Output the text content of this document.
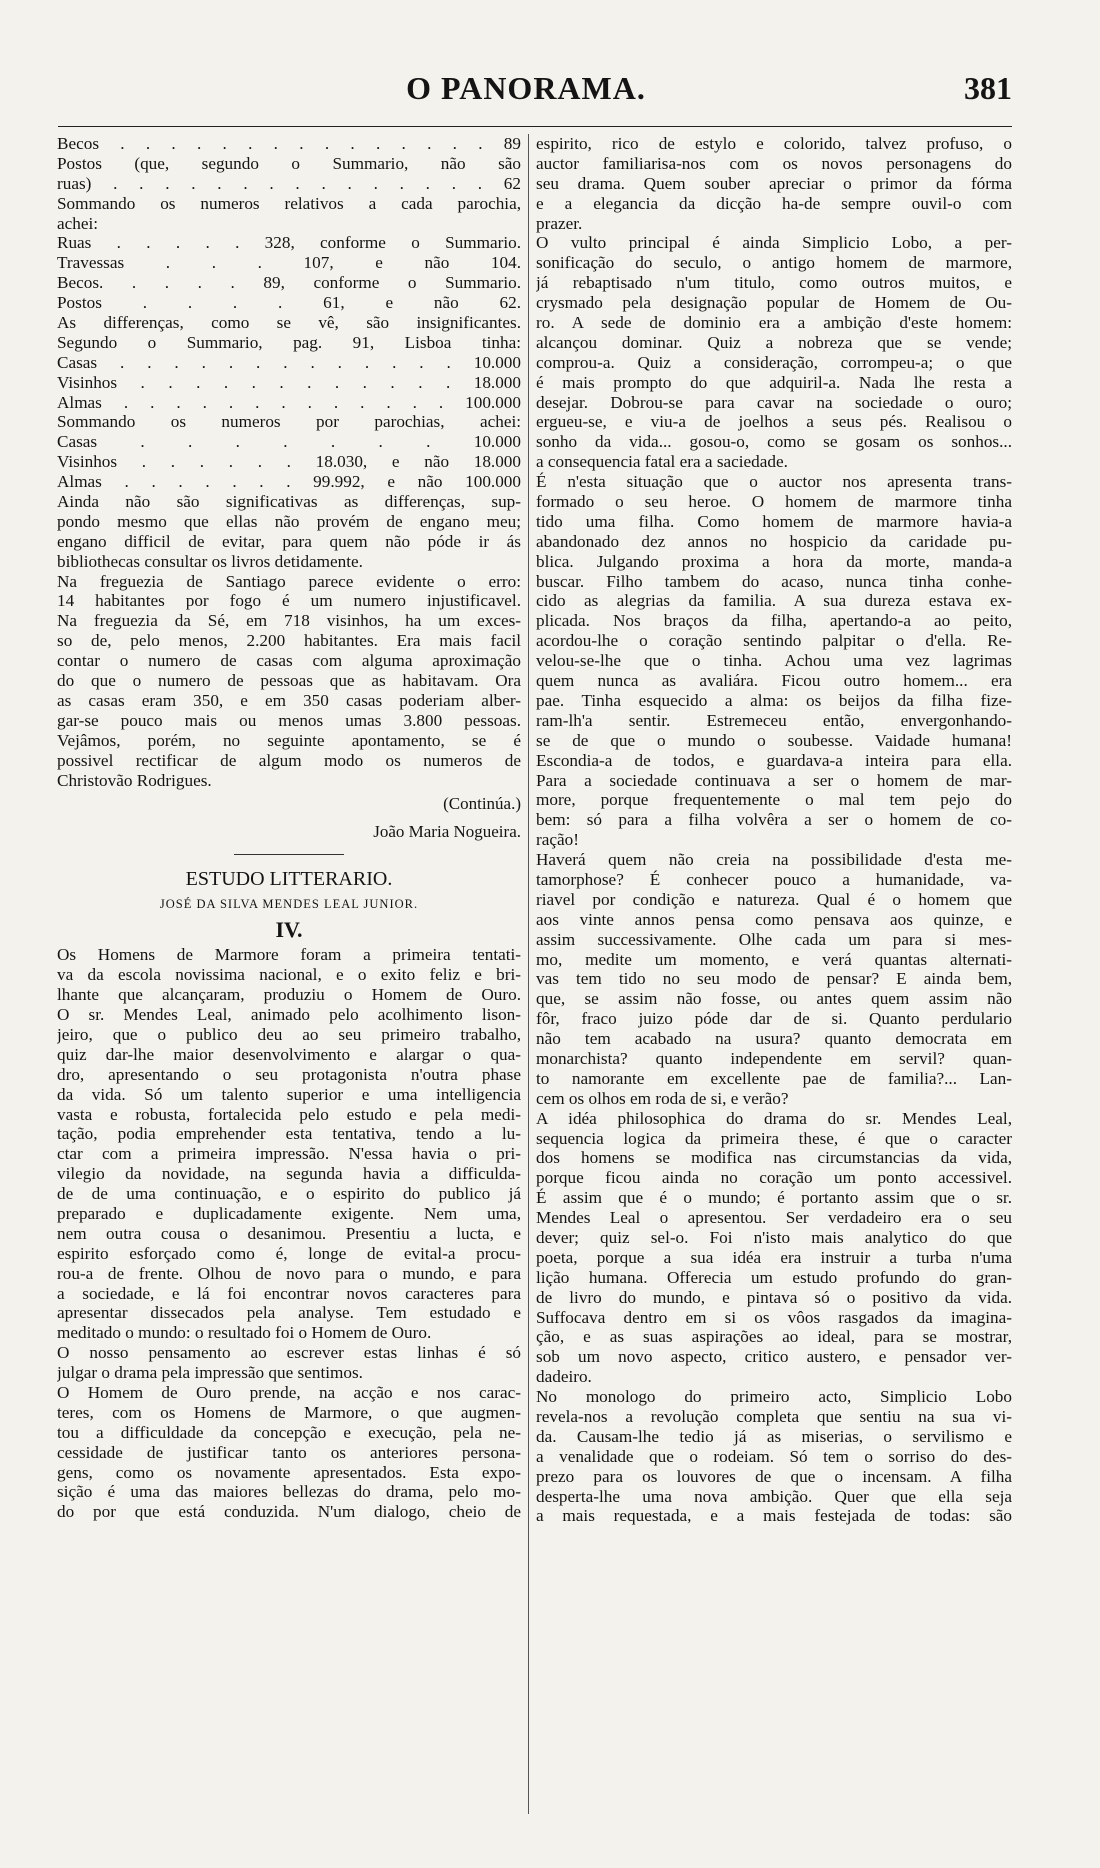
O PANORAMA.	381
Becos . . . . . . . . . . . . . . . 89
Postos (que, segundo o Summario, não são
ruas) . . . . . . . . . . . . . . . 62
Sommando os numeros relativos a cada parochia,
achei:
Ruas . . . . . 328, conforme o Summario.
Travessas . . . 107, e não 104.
Becos. . . . . 89, conforme o Summario.
Postos . . . . 61, e não 62.
As differenças, como se vê, são insignificantes.
Segundo o Summario, pag. 91, Lisboa tinha:
Casas . . . . . . . . . . . . . 10.000
Visinhos . . . . . . . . . . . . 18.000
Almas . . . . . . . . . . . . . 100.000
Sommando os numeros por parochias, achei:
Casas . . . . . . . 10.000
Visinhos . . . . . . 18.030, e não 18.000
Almas . . . . . . . 99.992, e não 100.000
Ainda não são significativas as differenças, sup-
pondo mesmo que ellas não provém de engano meu;
engano difficil de evitar, para quem não póde ir ás
bibliothecas consultar os livros detidamente.
Na freguezia de Santiago parece evidente o erro:
14 habitantes por fogo é um numero injustificavel.
Na freguezia da Sé, em 718 visinhos, ha um exces-
so de, pelo menos, 2.200 habitantes. Era mais facil
contar o numero de casas com alguma aproximação
do que o numero de pessoas que as habitavam. Ora
as casas eram 350, e em 350 casas poderiam alber-
gar-se pouco mais ou menos umas 3.800 pessoas.
Vejâmos, porém, no seguinte apontamento, se é
possivel rectificar de algum modo os numeros de
Christovão Rodrigues.
(Continúa.)
João Maria Nogueira.
ESTUDO LITTERARIO.
JOSÉ DA SILVA MENDES LEAL JUNIOR.
IV.
Os Homens de Marmore foram a primeira tentati-
va da escola novissima nacional, e o exito feliz e bri-
lhante que alcançaram, produziu o Homem de Ouro.
O sr. Mendes Leal, animado pelo acolhimento lison-
jeiro, que o publico deu ao seu primeiro trabalho,
quiz dar-lhe maior desenvolvimento e alargar o qua-
dro, apresentando o seu protagonista n'outra phase
da vida. Só um talento superior e uma intelligencia
vasta e robusta, fortalecida pelo estudo e pela medi-
tação, podia emprehender esta tentativa, tendo a lu-
ctar com a primeira impressão. N'essa havia o pri-
vilegio da novidade, na segunda havia a difficulda-
de de uma continuação, e o espirito do publico já
preparado e duplicadamente exigente. Nem uma,
nem outra cousa o desanimou. Presentiu a lucta, e
espirito esforçado como é, longe de evital-a procu-
rou-a de frente. Olhou de novo para o mundo, e para
a sociedade, e lá foi encontrar novos caracteres para
apresentar dissecados pela analyse. Tem estudado e
meditado o mundo: o resultado foi o Homem de Ouro.
O nosso pensamento ao escrever estas linhas é só
julgar o drama pela impressão que sentimos.
O Homem de Ouro prende, na acção e nos carac-
teres, com os Homens de Marmore, o que augmen-
tou a difficuldade da concepção e execução, pela ne-
cessidade de justificar tanto os anteriores persona-
gens, como os novamente apresentados. Esta expo-
sição é uma das maiores bellezas do drama, pelo mo-
do por que está conduzida. N'um dialogo, cheio de
espirito, rico de estylo e colorido, talvez profuso, o
auctor familiarisa-nos com os novos personagens do
seu drama. Quem souber apreciar o primor da fórma
e a elegancia da dicção ha-de sempre ouvil-o com
prazer.
O vulto principal é ainda Simplicio Lobo, a per-
sonificação do seculo, o antigo homem de marmore,
já rebaptisado n'um titulo, como outros muitos, e
crysmado pela designação popular de Homem de Ou-
ro. A sede de dominio era a ambição d'este homem:
alcançou dominar. Quiz a nobreza que se vende;
comprou-a. Quiz a consideração, corrompeu-a; o que
é mais prompto do que adquiril-a. Nada lhe resta a
desejar. Dobrou-se para cavar na sociedade o ouro;
ergueu-se, e viu-a de joelhos a seus pés. Realisou o
sonho da vida... gosou-o, como se gosam os sonhos...
a consequencia fatal era a saciedade.
É n'esta situação que o auctor nos apresenta trans-
formado o seu heroe. O homem de marmore tinha
tido uma filha. Como homem de marmore havia-a
abandonado dez annos no hospicio da caridade pu-
blica. Julgando proxima a hora da morte, manda-a
buscar. Filho tambem do acaso, nunca tinha conhe-
cido as alegrias da familia. A sua dureza estava ex-
plicada. Nos braços da filha, apertando-a ao peito,
acordou-lhe o coração sentindo palpitar o d'ella. Re-
velou-se-lhe que o tinha. Achou uma vez lagrimas
quem nunca as avaliára. Ficou outro homem... era
pae. Tinha esquecido a alma: os beijos da filha fize-
ram-lh'a sentir. Estremeceu então, envergonhando-
se de que o mundo o soubesse. Vaidade humana!
Escondia-a de todos, e guardava-a inteira para ella.
Para a sociedade continuava a ser o homem de mar-
more, porque frequentemente o mal tem pejo do
bem: só para a filha volvêra a ser o homem de co-
ração!
Haverá quem não creia na possibilidade d'esta me-
tamorphose? É conhecer pouco a humanidade, va-
riavel por condição e natureza. Qual é o homem que
aos vinte annos pensa como pensava aos quinze, e
assim successivamente. Olhe cada um para si mes-
mo, medite um momento, e verá quantas alternati-
vas tem tido no seu modo de pensar? E ainda bem,
que, se assim não fosse, ou antes quem assim não
fôr, fraco juizo póde dar de si. Quanto perdulario
não tem acabado na usura? quanto democrata em
monarchista? quanto independente em servil? quan-
to namorante em excellente pae de familia?... Lan-
cem os olhos em roda de si, e verão?
A idéa philosophica do drama do sr. Mendes Leal,
sequencia logica da primeira these, é que o caracter
dos homens se modifica nas circumstancias da vida,
porque ficou ainda no coração um ponto accessivel.
É assim que é o mundo; é portanto assim que o sr.
Mendes Leal o apresentou. Ser verdadeiro era o seu
dever; quiz sel-o. Foi n'isto mais analytico do que
poeta, porque a sua idéa era instruir a turba n'uma
lição humana. Offerecia um estudo profundo do gran-
de livro do mundo, e pintava só o positivo da vida.
Suffocava dentro em si os vôos rasgados da imagina-
ção, e as suas aspirações ao ideal, para se mostrar,
sob um novo aspecto, critico austero, e pensador ver-
dadeiro.
No monologo do primeiro acto, Simplicio Lobo
revela-nos a revolução completa que sentiu na sua vi-
da. Causam-lhe tedio já as miserias, o servilismo e
a venalidade que o rodeiam. Só tem o sorriso do des-
prezo para os louvores de que o incensam. A filha
desperta-lhe uma nova ambição. Quer que ella seja
a mais requestada, e a mais festejada de todas: são
